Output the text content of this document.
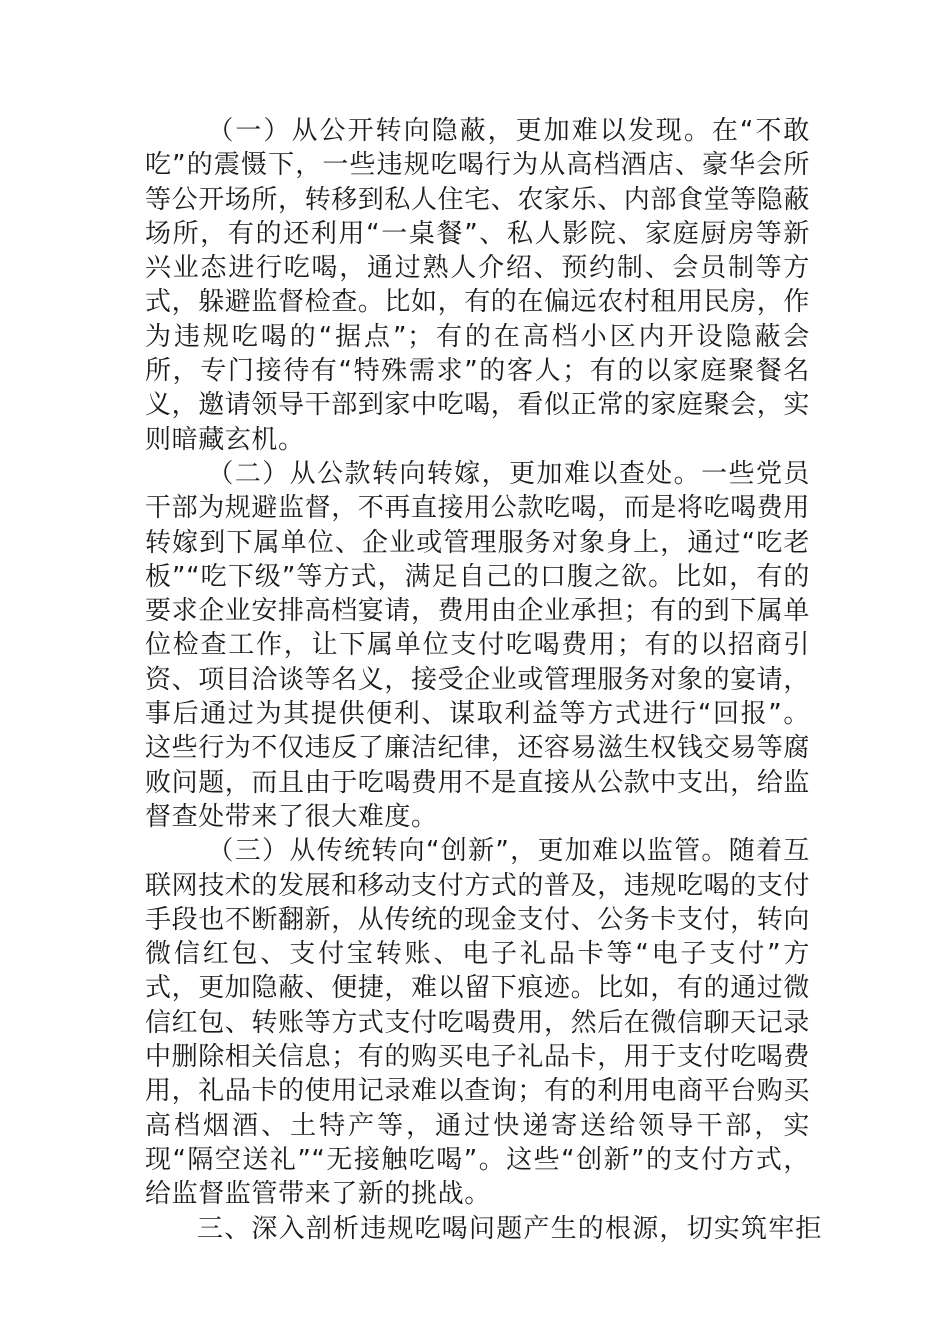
（一）从公开转向隐蔽，更加难以发现。在“不敢吃”的震慑下，一些违规吃喝行为从高档酒店、豪华会所等公开场所，转移到私人住宅、农家乐、内部食堂等隐蔽场所，有的还利用“一桌餐”、私人影院、家庭厨房等新兴业态进行吃喝，通过熟人介绍、预约制、会员制等方式，躲避监督检查。比如，有的在偏远农村租用民房，作为违规吃喝的“据点”；有的在高档小区内开设隐蔽会所，专门接待有“特殊需求”的客人；有的以家庭聚餐名义，邀请领导干部到家中吃喝，看似正常的家庭聚会，实则暗藏玄机。

（二）从公款转向转嫁，更加难以查处。一些党员干部为规避监督，不再直接用公款吃喝，而是将吃喝费用转嫁到下属单位、企业或管理服务对象身上，通过“吃老板”“吃下级”等方式，满足自己的口腹之欲。比如，有的要求企业安排高档宴请，费用由企业承担；有的到下属单位检查工作，让下属单位支付吃喝费用；有的以招商引资、项目洽谈等名义，接受企业或管理服务对象的宴请，事后通过为其提供便利、谋取利益等方式进行“回报”。这些行为不仅违反了廉洁纪律，还容易滋生权钱交易等腐败问题，而且由于吃喝费用不是直接从公款中支出，给监督查处带来了很大难度。

（三）从传统转向“创新”，更加难以监管。随着互联网技术的发展和移动支付方式的普及，违规吃喝的支付手段也不断翻新，从传统的现金支付、公务卡支付，转向微信红包、支付宝转账、电子礼品卡等“电子支付”方式，更加隐蔽、便捷，难以留下痕迹。比如，有的通过微信红包、转账等方式支付吃喝费用，然后在微信聊天记录中删除相关信息；有的购买电子礼品卡，用于支付吃喝费用，礼品卡的使用记录难以查询；有的利用电商平台购买高档烟酒、土特产等，通过快递寄送给领导干部，实现“隔空送礼”“无接触吃喝”。这些“创新”的支付方式，给监督监管带来了新的挑战。

三、深入剖析违规吃喝问题产生的根源，切实筑牢拒
